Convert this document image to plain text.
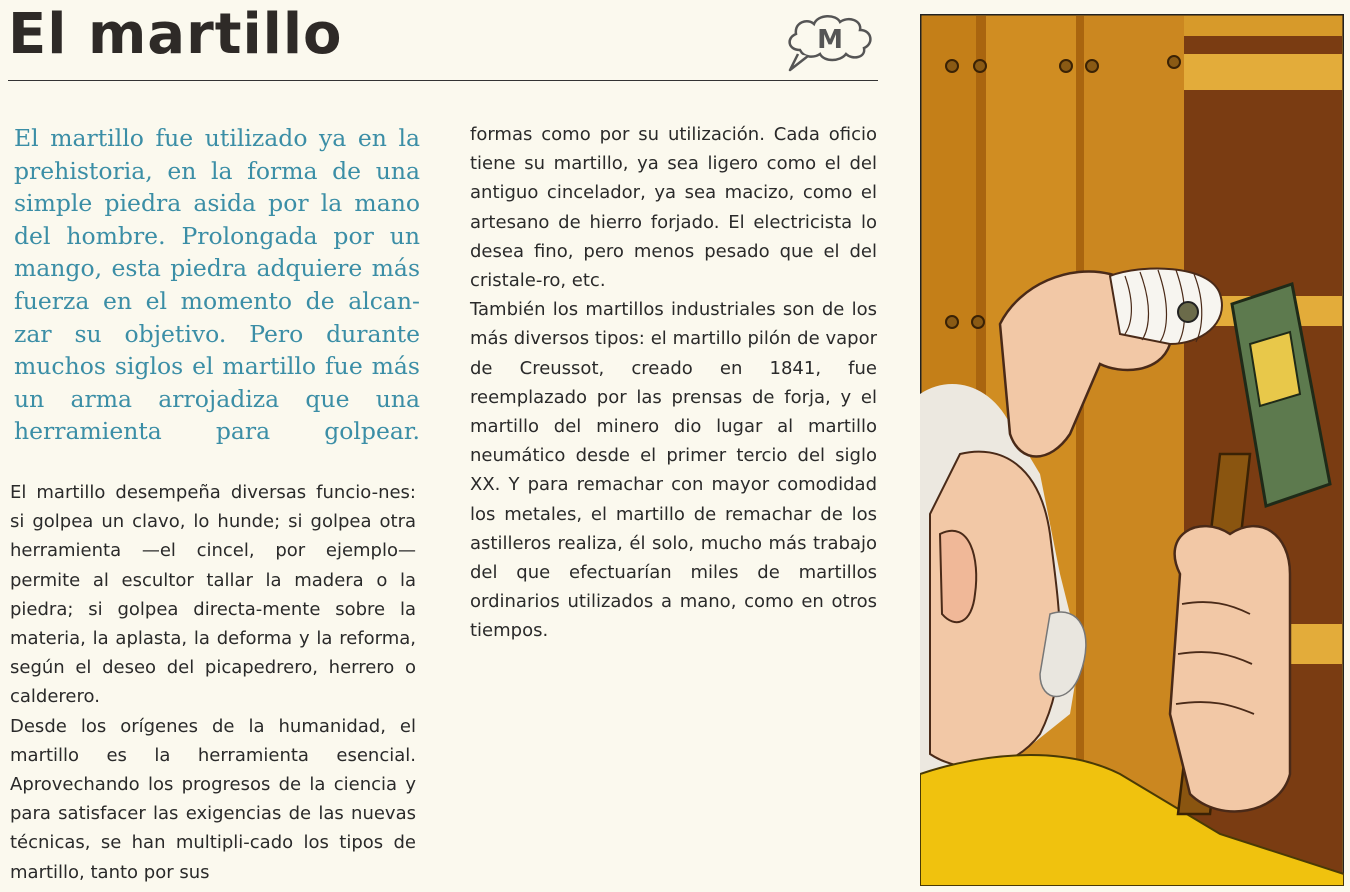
El martillo	M

El martillo fue utilizado ya en la prehistoria, en la forma de una simple piedra asida por la mano del hombre. Prolongada por un mango, esta piedra adquiere más fuerza en el momento de alcan-zar su objetivo. Pero durante muchos siglos el martillo fue más un arma arrojadiza que una herramienta para golpear.

El martillo desempeña diversas funcio-nes: si golpea un clavo, lo hunde; si golpea otra herramienta —el cincel, por ejemplo— permite al escultor tallar la madera o la piedra; si golpea directa-mente sobre la materia, la aplasta, la deforma y la reforma, según el deseo del picapedrero, herrero o calderero.

Desde los orígenes de la humanidad, el martillo es la herramienta esencial. Aprovechando los progresos de la ciencia y para satisfacer las exigencias de las nuevas técnicas, se han multipli-cado los tipos de martillo, tanto por sus

formas como por su utilización. Cada oficio tiene su martillo, ya sea ligero como el del antiguo cincelador, ya sea macizo, como el artesano de hierro forjado. El electricista lo desea fino, pero menos pesado que el del cristale-ro, etc.

También los martillos industriales son de los más diversos tipos: el martillo pilón de vapor de Creussot, creado en 1841, fue reemplazado por las prensas de forja, y el martillo del minero dio lugar al martillo neumático desde el primer tercio del siglo XX. Y para remachar con mayor comodidad los metales, el martillo de remachar de los astilleros realiza, él solo, mucho más trabajo del que efectuarían miles de martillos ordinarios utilizados a mano, como en otros tiempos.
